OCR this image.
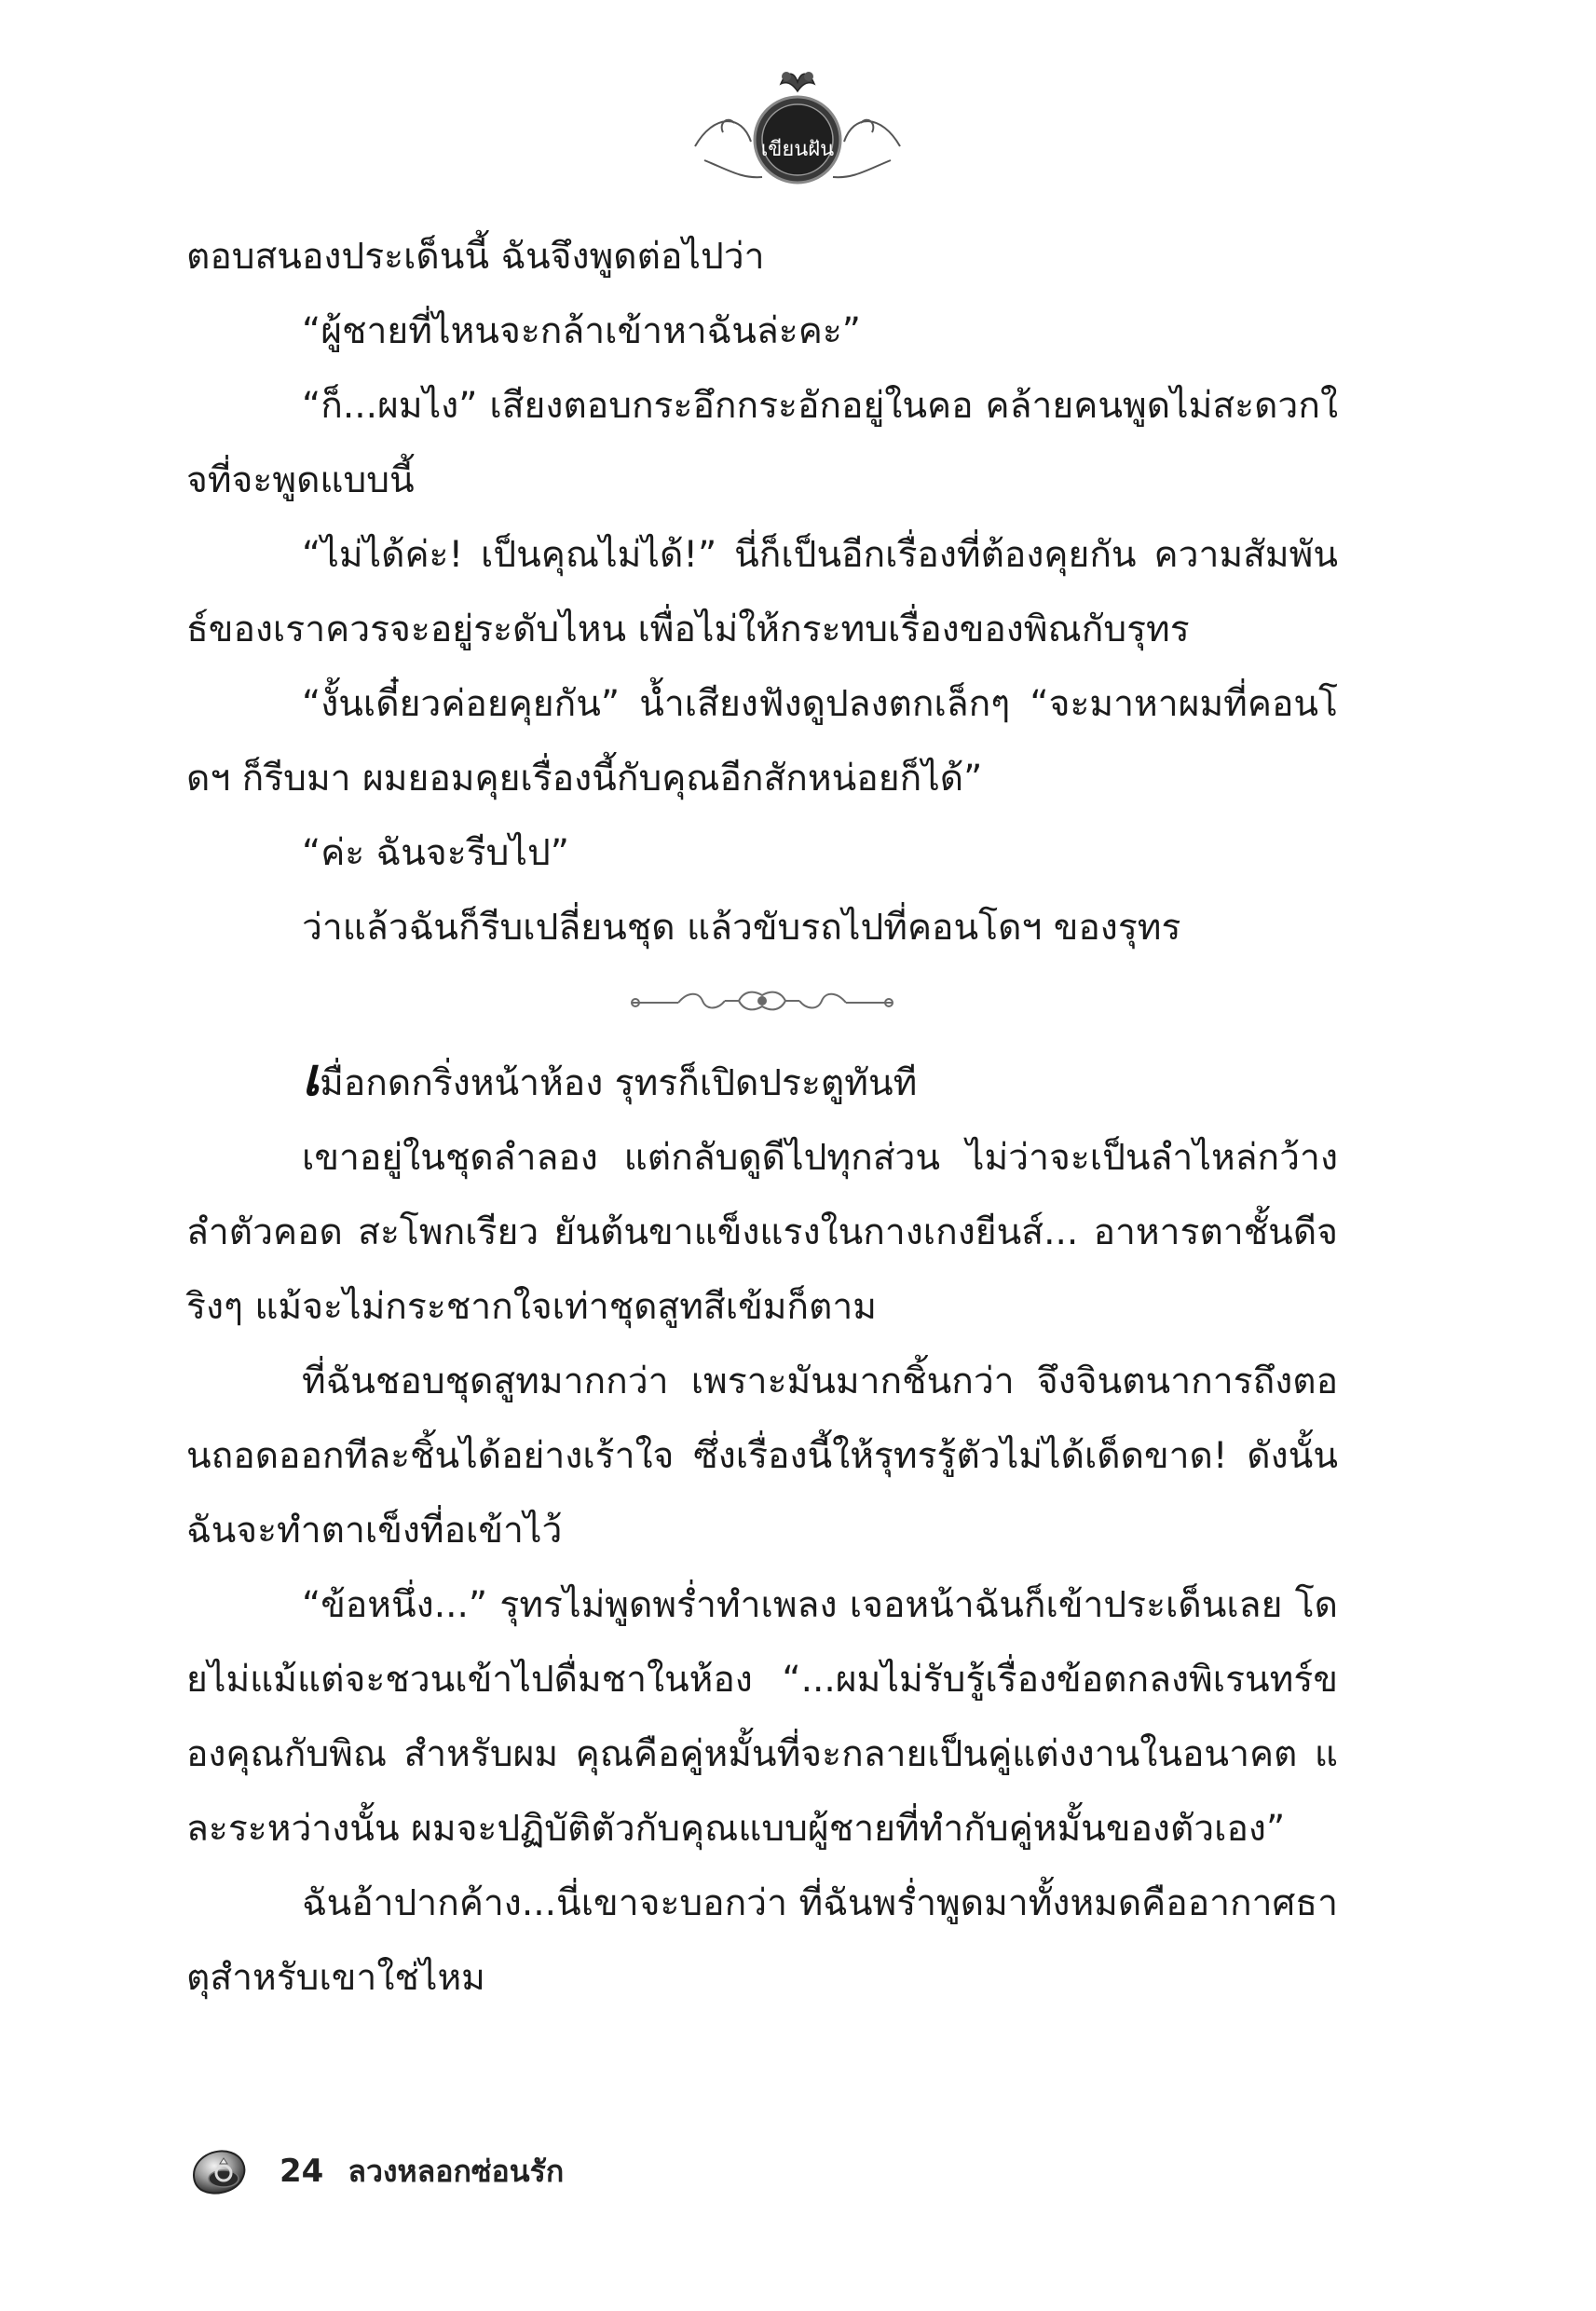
เขียนฝัน

ตอบสนองประเด็นนี้ ฉันจึงพูดต่อไปว่า

“ผู้ชายที่ไหนจะกล้าเข้าหาฉันล่ะคะ”

“ก็...ผมไง” เสียงตอบกระอึกกระอักอยู่ในคอ คล้ายคนพูดไม่สะดวกใจที่จะพูดแบบนี้

“ไม่ได้ค่ะ! เป็นคุณไม่ได้!” นี่ก็เป็นอีกเรื่องที่ต้องคุยกัน ความสัมพันธ์ของเราควรจะอยู่ระดับไหน เพื่อไม่ให้กระทบเรื่องของพิณกับรุทร

“งั้นเดี๋ยวค่อยคุยกัน” น้ำเสียงฟังดูปลงตกเล็กๆ “จะมาหาผมที่คอนโดฯ ก็รีบมา ผมยอมคุยเรื่องนี้กับคุณอีกสักหน่อยก็ได้”

“ค่ะ ฉันจะรีบไป”

ว่าแล้วฉันก็รีบเปลี่ยนชุด แล้วขับรถไปที่คอนโดฯ ของรุทร

เมื่อกดกริ่งหน้าห้อง รุทรก็เปิดประตูทันที

เขาอยู่ในชุดลำลอง แต่กลับดูดีไปทุกส่วน ไม่ว่าจะเป็นลำไหล่กว้าง ลำตัวคอด สะโพกเรียว ยันต้นขาแข็งแรงในกางเกงยีนส์... อาหารตาชั้นดีจริงๆ แม้จะไม่กระชากใจเท่าชุดสูทสีเข้มก็ตาม

ที่ฉันชอบชุดสูทมากกว่า เพราะมันมากชิ้นกว่า จึงจินตนาการถึงตอนถอดออกทีละชิ้นได้อย่างเร้าใจ ซึ่งเรื่องนี้ให้รุทรรู้ตัวไม่ได้เด็ดขาด! ดังนั้นฉันจะทำตาเข็งที่อเข้าไว้

“ข้อหนึ่ง...” รุทรไม่พูดพร่ำทำเพลง เจอหน้าฉันก็เข้าประเด็นเลย โดยไม่แม้แต่จะชวนเข้าไปดื่มชาในห้อง “...ผมไม่รับรู้เรื่องข้อตกลงพิเรนทร์ของคุณกับพิณ สำหรับผม คุณคือคู่หมั้นที่จะกลายเป็นคู่แต่งงานในอนาคต และระหว่างนั้น ผมจะปฏิบัติตัวกับคุณแบบผู้ชายที่ทำกับคู่หมั้นของตัวเอง”

ฉันอ้าปากค้าง...นี่เขาจะบอกว่า ที่ฉันพร่ำพูดมาทั้งหมดคืออากาศธาตุสำหรับเขาใช่ไหม

24 ลวงหลอกซ่อนรัก
